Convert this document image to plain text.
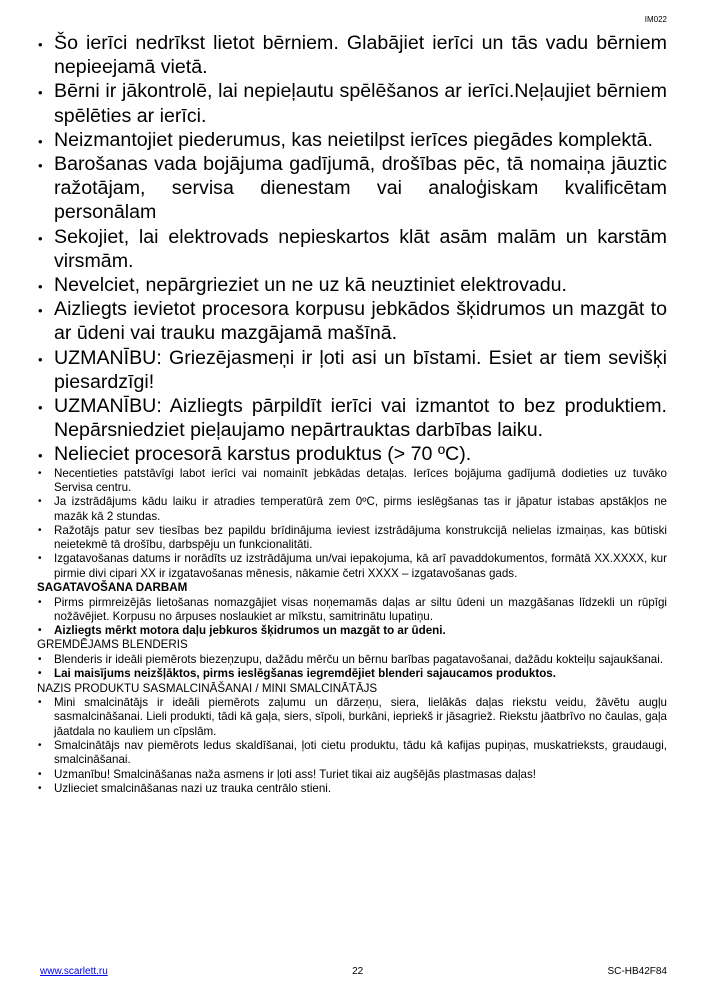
IM022
• Šo ierīci nedrīkst lietot bērniem. Glabājiet ierīci un tās vadu bērniem nepieejamā vietā.
• Bērni ir jākontrolē, lai nepieļautu spēlēšanos ar ierīci.Neļaujiet bērniem spēlēties ar ierīci.
• Neizmantojiet piederumus, kas neietilpst ierīces piegādes komplektā.
• Barošanas vada bojājuma gadījumā, drošības pēc, tā nomaiņa jāuztic ražotājam, servisa dienestam vai analoģiskam kvalificētam personālam
• Sekojiet, lai elektrovads nepieskartos klāt asām malām un karstām virsmām.
• Nevelciet, nepārgrieziet un ne uz kā neuztiniet elektrovadu.
• Aizliegts ievietot procesora korpusu jebkādos šķidrumos un mazgāt to ar ūdeni vai trauku mazgājamā mašīnā.
• UZMANĪBU: Griezējasmeņi ir ļoti asi un bīstami. Esiet ar tiem sevišķi piesardzīgi!
• UZMANĪBU: Aizliegts pārpildīt ierīci vai izmantot to bez produktiem. Nepārsniedziet pieļaujamo nepārtrauktas darbības laiku.
• Nelieciet procesorā karstus produktus (> 70 ºC).
• Necentieties patstāvīgi labot ierīci vai nomainīt jebkādas detaļas. Ierīces bojājuma gadījumā dodieties uz tuvāko Servisa centru.
• Ja izstrādājums kādu laiku ir atradies temperatūrā zem 0ºC, pirms ieslēgšanas tas ir jāpatur istabas apstākļos ne mazāk kā 2 stundas.
• Ražotājs patur sev tiesības bez papildu brīdinājuma ieviest izstrādājuma konstrukcijā nelielas izmaiņas, kas būtiski neietekmē tā drošību, darbspēju un funkcionalitāti.
• Izgatavošanas datums ir norādīts uz izstrādājuma un/vai iepakojuma, kā arī pavaddokumentos, formātā XX.XXXX, kur pirmie divi cipari XX ir izgatavošanas mēnesis, nākamie četri XXXX – izgatavošanas gads.

SAGATAVOŠANA DARBAM

• Pirms pirmreizējās lietošanas nomazgājiet visas noņemamās daļas ar siltu ūdeni un mazgāšanas līdzekli un rūpīgi nožāvējiet. Korpusu no ārpuses noslaukiet ar mīkstu, samitrinātu lupatiņu.
• Aizliegts mērkt motora daļu jebkuros šķidrumos un mazgāt to ar ūdeni.

GREMDĒJAMS BLENDERIS

• Blenderis ir ideāli piemērots biezeņzupu, dažādu mērču un bērnu barības pagatavošanai, dažādu kokteiļu sajaukšanai.
• Lai maisījums neizšļāktos, pirms ieslēgšanas iegremdējiet blenderi sajaucamos produktos.

NAZIS PRODUKTU SASMALCINĀŠANAI / MINI SMALCINĀTĀJS

• Mini smalcinātājs ir ideāli piemērots zaļumu un dārzeņu, siera, lielākās daļas riekstu veidu, žāvētu augļu sasmalcināšanai. Lieli produkti, tādi kā gaļa, siers, sīpoli, burkāni, iepriekš ir jāsagriež. Riekstu jāatbrīvo no čaulas, gaļa jāatdala no kauliem un cīpslām.
• Smalcinātājs nav piemērots ledus skaldīšanai, ļoti cietu produktu, tādu kā kafijas pupiņas, muskatrieksts, graudaugi, smalcināšanai.
• Uzmanību! Smalcināšanas naža asmens ir ļoti ass! Turiet tikai aiz augšējās plastmasas daļas!
• Uzlieciet smalcināšanas nazi uz trauka centrālo stieni.
www.scarlett.ru	22	SC-HB42F84
